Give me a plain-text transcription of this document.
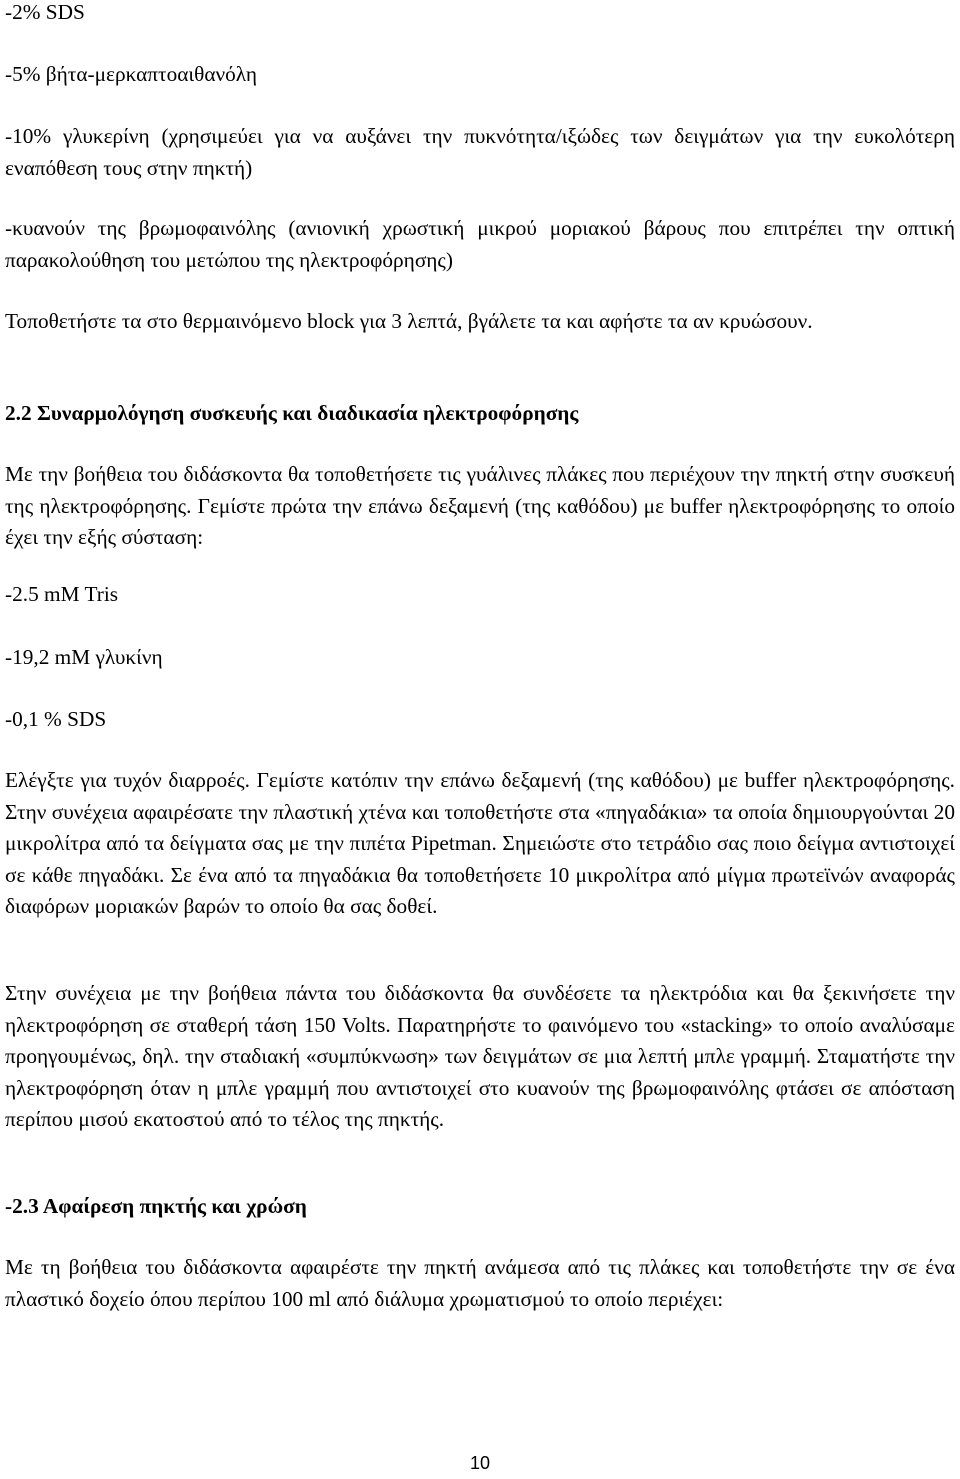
-2% SDS

-5% βήτα-μερκαπτοαιθανόλη

-10% γλυκερίνη (χρησιμεύει για να αυξάνει την πυκνότητα/ιξώδες των δειγμάτων για την ευκολότερη εναπόθεση τους στην πηκτή)

-κυανούν της βρωμοφαινόλης (ανιονική χρωστική μικρού μοριακού βάρους που επιτρέπει την οπτική παρακολούθηση του μετώπου της ηλεκτροφόρησης)

Τοποθετήστε τα στο θερμαινόμενο block για 3 λεπτά, βγάλετε τα και αφήστε τα αν κρυώσουν.

2.2 Συναρμολόγηση συσκευής και διαδικασία ηλεκτροφόρησης

Με την βοήθεια του διδάσκοντα θα τοποθετήσετε τις γυάλινες πλάκες που περιέχουν την πηκτή στην συσκευή της ηλεκτροφόρησης. Γεμίστε πρώτα την επάνω δεξαμενή (της καθόδου) με buffer ηλεκτροφόρησης το οποίο έχει την εξής σύσταση:

-2.5 mM Tris

-19,2 mM γλυκίνη

-0,1 % SDS

Ελέγξτε για τυχόν διαρροές. Γεμίστε κατόπιν την επάνω δεξαμενή (της καθόδου) με buffer ηλεκτροφόρησης. Στην συνέχεια αφαιρέσατε την πλαστική χτένα και τοποθετήστε στα «πηγαδάκια» τα οποία δημιουργούνται 20 μικρολίτρα από τα δείγματα σας με την πιπέτα Pipetman. Σημειώστε στο τετράδιο σας ποιο δείγμα αντιστοιχεί σε κάθε πηγαδάκι. Σε ένα από τα πηγαδάκια θα τοποθετήσετε 10 μικρολίτρα από μίγμα πρωτεϊνών αναφοράς διαφόρων μοριακών βαρών το οποίο θα σας δοθεί.

Στην συνέχεια με την βοήθεια πάντα του διδάσκοντα θα συνδέσετε τα ηλεκτρόδια και θα ξεκινήσετε την ηλεκτροφόρηση σε σταθερή τάση 150 Volts. Παρατηρήστε το φαινόμενο του «stacking» το οποίο αναλύσαμε προηγουμένως, δηλ. την σταδιακή «συμπύκνωση» των δειγμάτων σε μια λεπτή μπλε γραμμή. Σταματήστε την ηλεκτροφόρηση όταν η μπλε γραμμή που αντιστοιχεί στο κυανούν της βρωμοφαινόλης φτάσει σε απόσταση περίπου μισού εκατοστού από το τέλος της πηκτής.

-2.3 Αφαίρεση πηκτής και χρώση

Με τη βοήθεια του διδάσκοντα αφαιρέστε την πηκτή ανάμεσα από τις πλάκες και τοποθετήστε την σε ένα πλαστικό δοχείο όπου περίπου 100 ml από διάλυμα χρωματισμού το οποίο περιέχει:

10
